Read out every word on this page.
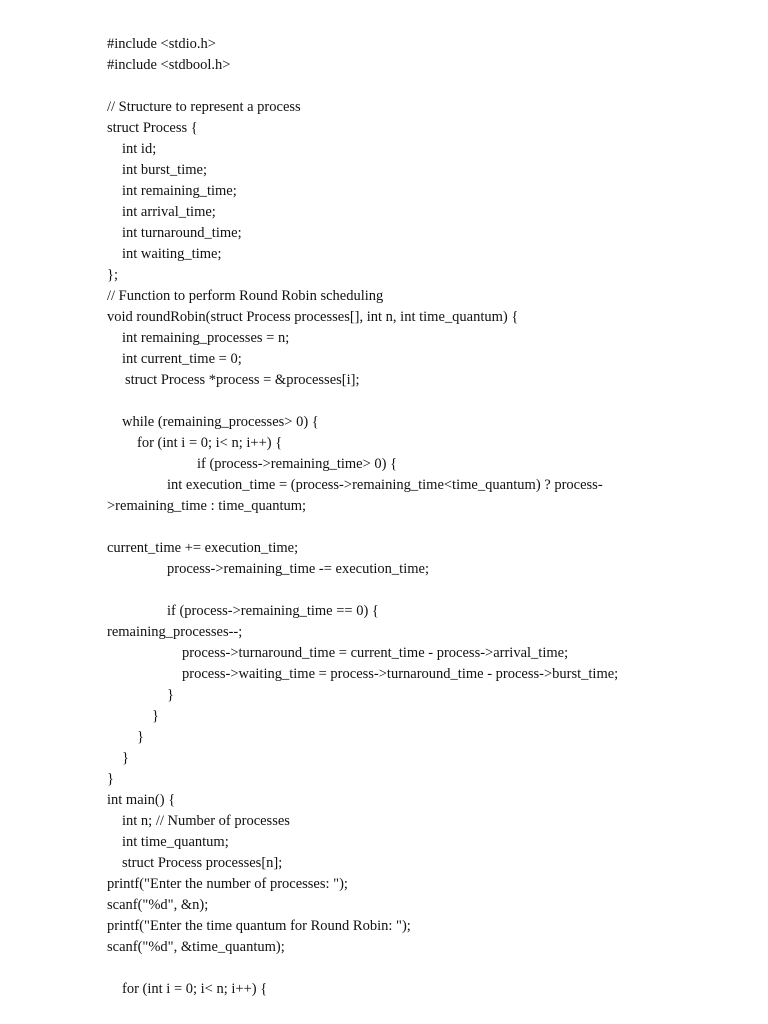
#include <stdio.h>
#include <stdbool.h>
// Structure to represent a process
struct Process {
int id;
int burst_time;
int remaining_time;
int arrival_time;
int turnaround_time;
int waiting_time;
};
// Function to perform Round Robin scheduling
void roundRobin(struct Process processes[], int n, int time_quantum) {
int remaining_processes = n;
int current_time = 0;
struct Process *process = &processes[i];
while (remaining_processes> 0) {
for (int i = 0; i< n; i++) {
if (process->remaining_time> 0) {
int execution_time = (process->remaining_time<time_quantum) ? process-
>remaining_time : time_quantum;
current_time += execution_time;
process->remaining_time -= execution_time;
if (process->remaining_time == 0) {
remaining_processes--;
process->turnaround_time = current_time - process->arrival_time;
process->waiting_time = process->turnaround_time - process->burst_time;
}
}
}
}
}
int main() {
int n; // Number of processes
int time_quantum;
struct Process processes[n];
printf("Enter the number of processes: ");
scanf("%d", &n);
printf("Enter the time quantum for Round Robin: ");
scanf("%d", &time_quantum);
for (int i = 0; i< n; i++) {
